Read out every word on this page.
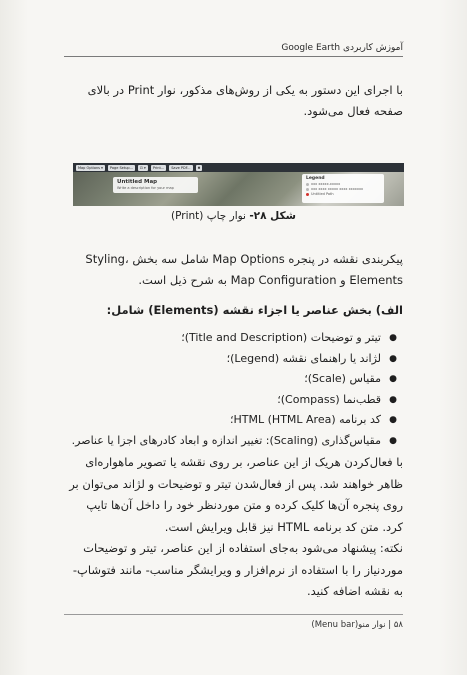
آموزش کاربردی Google Earth
با اجرای این دستور به یکی از روش‌های مذکور، نوار Print در بالای صفحه فعال می‌شود.
Map Options ▾	Page Setup...	⊡ ▾	Print...	Save PDF...	✖
Untitled Map
Write a description for your map
Legend
xxx xxxxx.xxxxx
xxx xxxx xxxxx xxxx xxxxxxx
Untitled Path
شکل ۲۸- نوار چاپ (Print)
پیکربندی نقشه در پنجره Map Options شامل سه بخش Styling، Elements و Map Configuration به شرح ذیل است.
الف) بخش عناصر یا اجزاء نقشه (Elements) شامل:
●
تیتر و توضیحات (Title and Description)؛
●
لژاند یا راهنمای نقشه (Legend)؛
●
مقیاس (Scale)؛
●
قطب‌نما (Compass)؛
●
کد برنامه HTML (HTML Area)؛
●
مقیاس‌گذاری (Scaling): تغییر اندازه و ابعاد کادرهای اجزا یا عناصر.
با فعال‌کردن هریک از این عناصر، بر روی نقشه یا تصویر ماهواره‌ای ظاهر خواهند شد. پس از فعال‌شدن تیتر و توضیحات و لژاند می‌توان بر روی پنجره آن‌ها کلیک کرده و متن موردنظر خود را داخل آن‌ها تایپ کرد. متن کد برنامه HTML نیز قابل ویرایش است.
نکته: پیشنهاد می‌شود به‌جای استفاده از این عناصر، تیتر و توضیحات موردنیاز را با استفاده از نرم‌افزار و ویرایشگر مناسب- مانند فتوشاپ- به نقشه اضافه کنید.
۵۸ | نوار منو(Menu bar)
